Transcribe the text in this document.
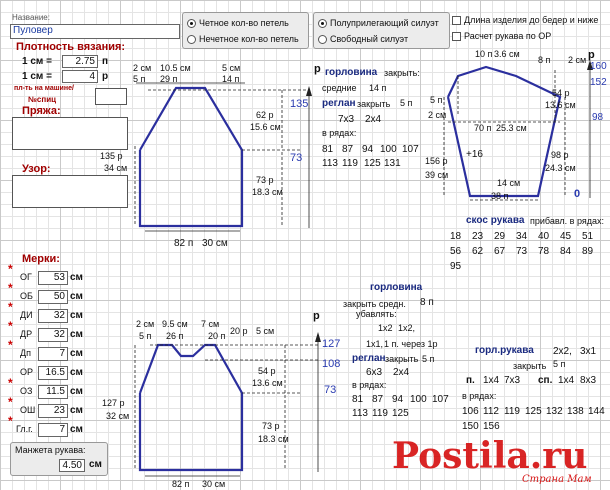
Название:
Пуловер
Плотность вязания:
1 см =	2.75 п
1 см =	4 р
пл-ть на машине/
№спиц
Пряжа:
Узор:
Четное кол-во петель
Нечетное кол-во петель
Полуприлегающий силуэт
Свободный силуэт
Длина изделия до бедер и ниже
Расчет рукава по ОР
2 см 10.5 см	5 см
5 п 29 п	14 п
62 р
15.6 см
135
73 р
18.3 см
73
135 р
34 см
82 п 30 см
р горловина закрыть:
средние 14 п
реглан закрыть 5 п
7х3 2х4
в рядах:
81 87 94 100 107
113 119 125 131
10 п 3.6 см
8 п 2 см р
160
152
98
0
5 п
2 см
156 р
39 см
70 п 25.3 см
+16
54 р
13.6 см
98 р
24.3 см
14 см
38 п
скос рукава прибавл. в рядах:
18 23 29 34 40 45 51
56 62 67 73 78 84 89
95
Мерки:
*
ОГ	53 см
*
ОБ	50 см
*
ДИ	32 см
*
ДР	32 см
*
Дп	7 см
ОР	16.5 см
*
ОЗ	11.5 см
*
ОШ	23 см
*
Гл.г.	7 см
Манжета рукава:
4.50 см
2 см 9.5 см 7 см
5 п 26 п	20 п 20 р 5 см
р
127
108
73
54 р
13.6 см
73 р
18.3 см
127 р
32 см
82 п 30 см
горловина
закрыть средн. 8 п
убавлять:
1х2 1х2,
1х1, 1 п. через 1р
реглан закрыть 5 п
6х3 2х4
в рядах:
81 87 94 100 107
113 119 125
горл.рукава 2х2, 3х1
закрыть 5 п
п. 1х4 7х3 сп. 1х4 8х3
в рядах:
106 112 119 125 132 138 144
150 156
Postila.ru
Страна Мам
